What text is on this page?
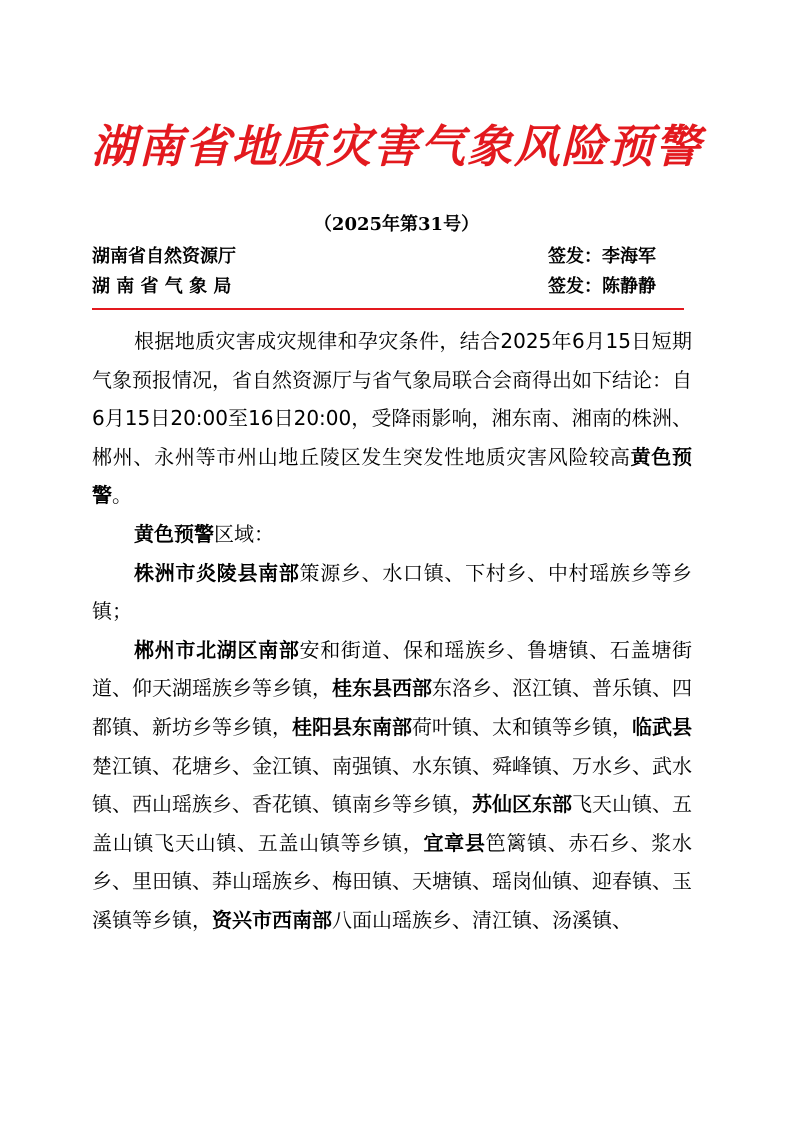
湖南省地质灾害气象风险预警
（2025年第31号）
湖南省自然资源厅	签发：李海军
湖 南 省 气 象 局	签发：陈静静

根据地质灾害成灾规律和孕灾条件，结合2025年6月15日短期气象预报情况，省自然资源厅与省气象局联合会商得出如下结论：自6月15日20:00至16日20:00，受降雨影响，湘东南、湘南的株洲、郴州、永州等市州山地丘陵区发生突发性地质灾害风险较高黄色预警。

黄色预警区域：

株洲市炎陵县南部策源乡、水口镇、下村乡、中村瑶族乡等乡镇；

郴州市北湖区南部安和街道、保和瑶族乡、鲁塘镇、石盖塘街道、仰天湖瑶族乡等乡镇，桂东县西部东洛乡、沤江镇、普乐镇、四都镇、新坊乡等乡镇，桂阳县东南部荷叶镇、太和镇等乡镇，临武县楚江镇、花塘乡、金江镇、南强镇、水东镇、舜峰镇、万水乡、武水镇、西山瑶族乡、香花镇、镇南乡等乡镇，苏仙区东部飞天山镇、五盖山镇飞天山镇、五盖山镇等乡镇，宜章县笆篱镇、赤石乡、浆水乡、里田镇、莽山瑶族乡、梅田镇、天塘镇、瑶岗仙镇、迎春镇、玉溪镇等乡镇，资兴市西南部八面山瑶族乡、清江镇、汤溪镇、
